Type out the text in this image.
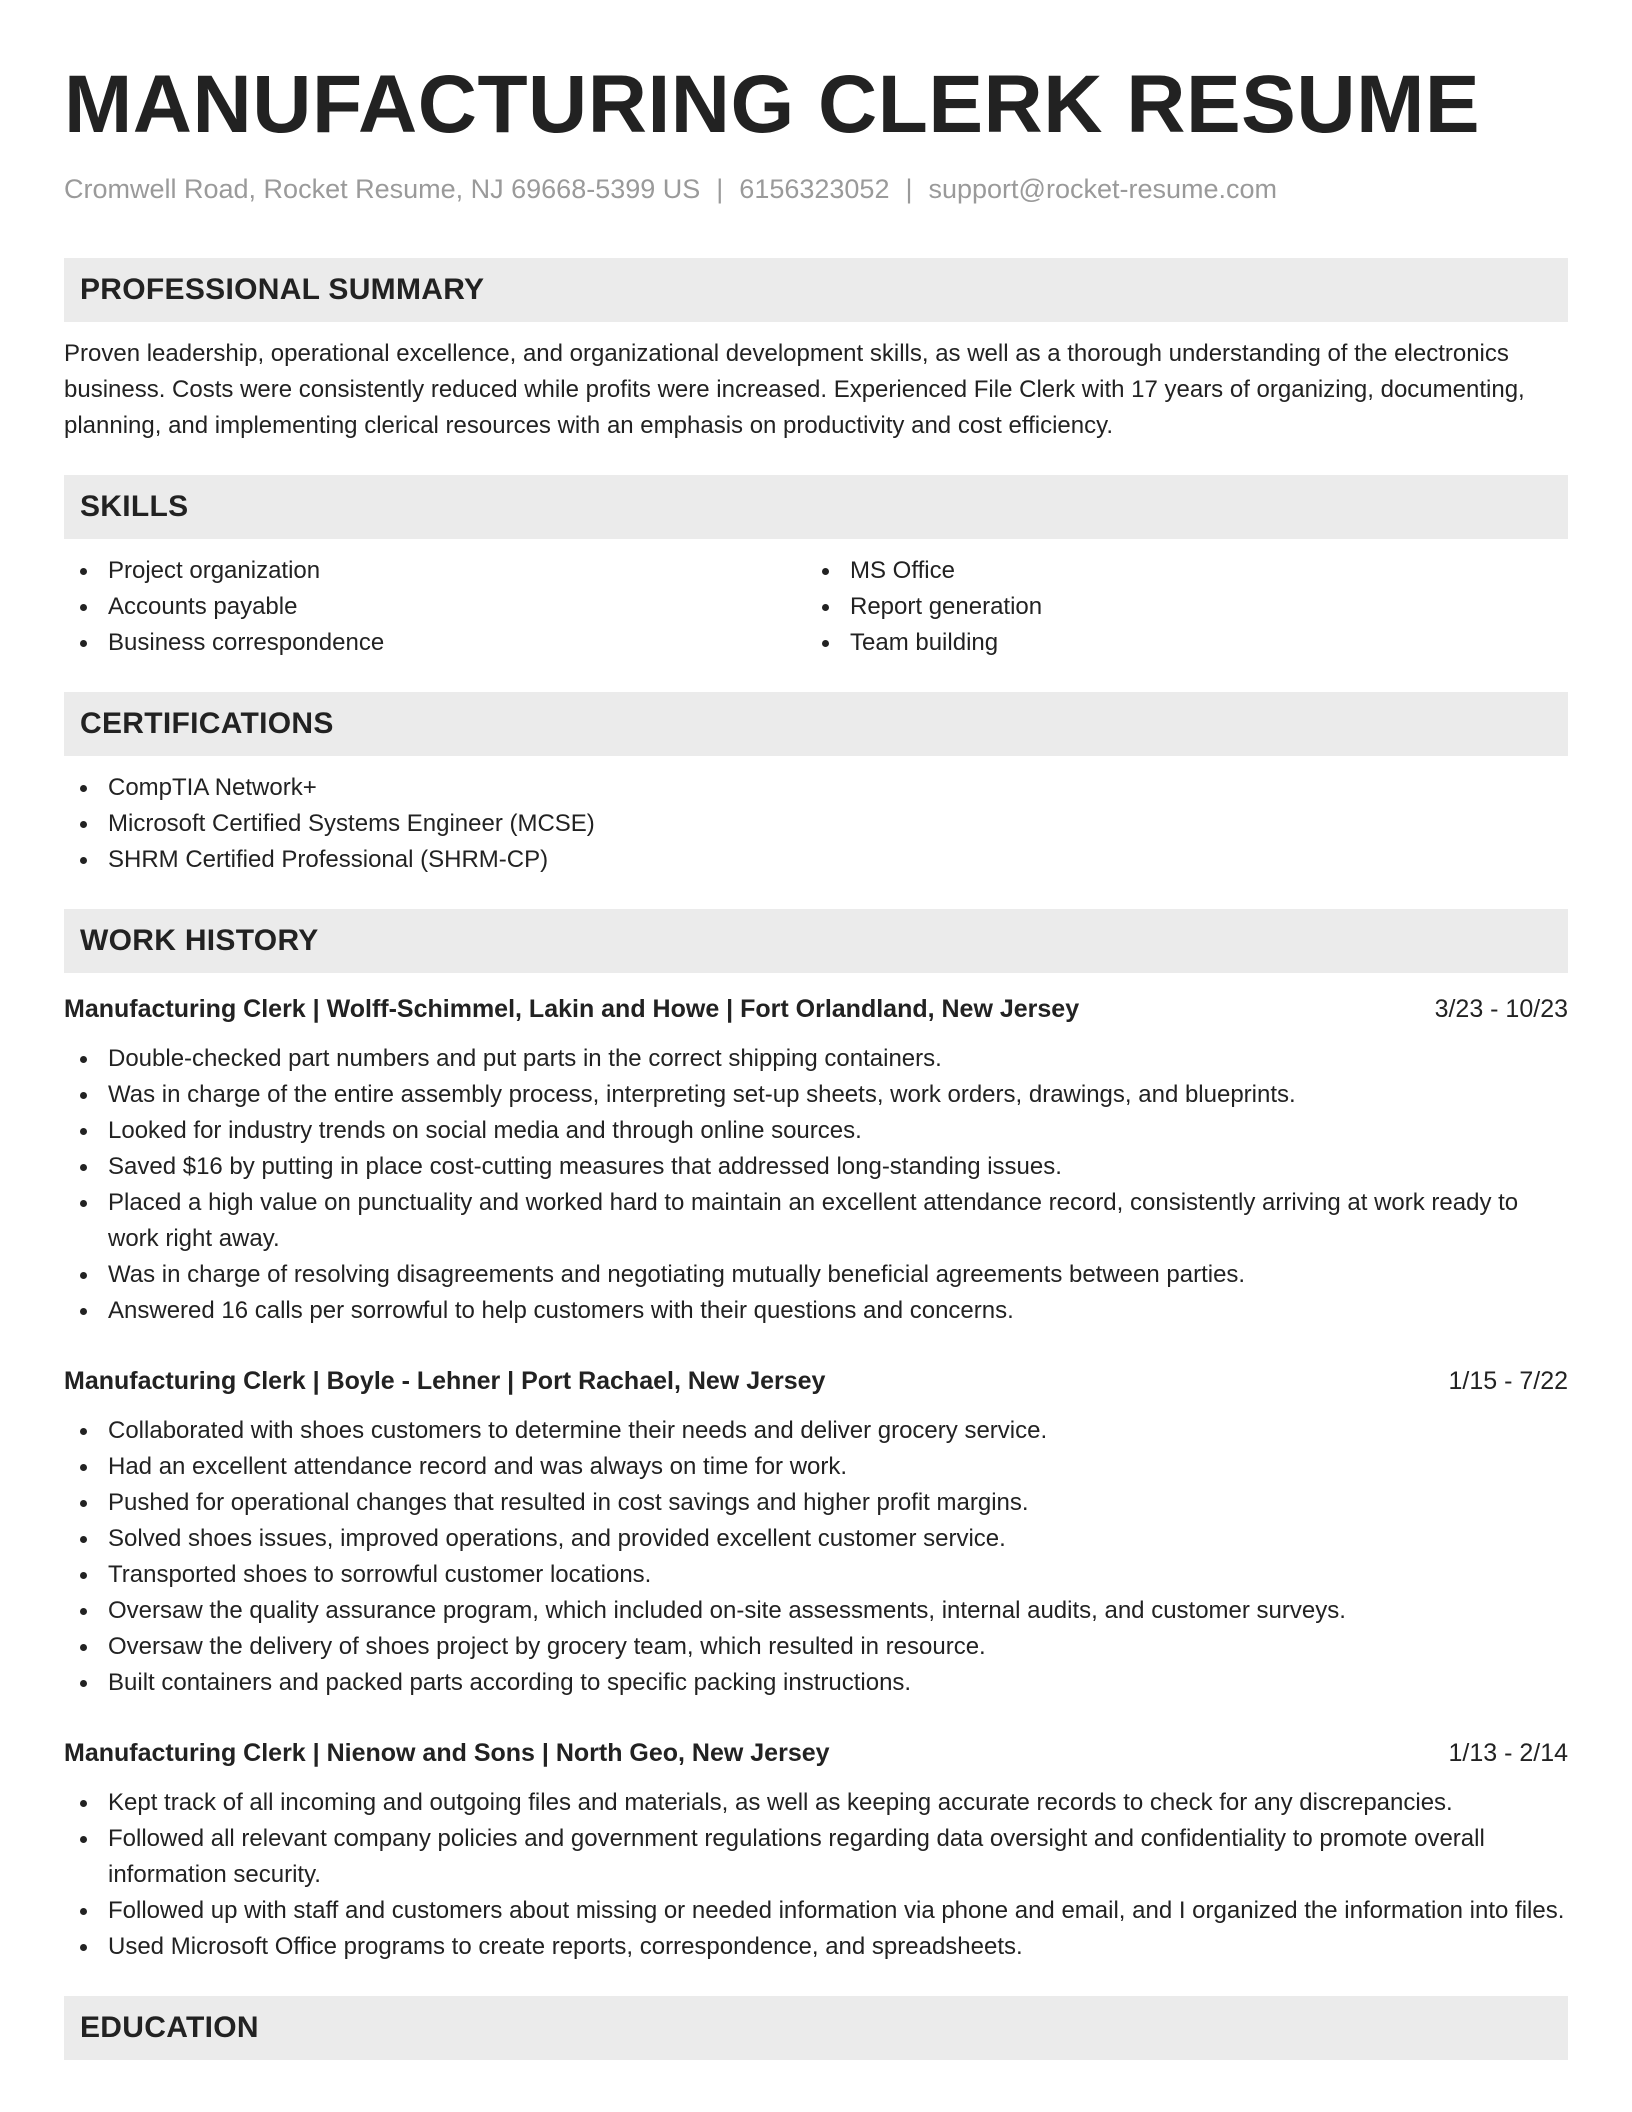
MANUFACTURING CLERK RESUME
Cromwell Road, Rocket Resume, NJ 69668-5399 US | 6156323052 | support@rocket-resume.com
PROFESSIONAL SUMMARY
Proven leadership, operational excellence, and organizational development skills, as well as a thorough understanding of the electronics business. Costs were consistently reduced while profits were increased. Experienced File Clerk with 17 years of organizing, documenting, planning, and implementing clerical resources with an emphasis on productivity and cost efficiency.
SKILLS
Project organization
Accounts payable
Business correspondence
MS Office
Report generation
Team building
CERTIFICATIONS
CompTIA Network+
Microsoft Certified Systems Engineer (MCSE)
SHRM Certified Professional (SHRM-CP)
WORK HISTORY
Manufacturing Clerk | Wolff-Schimmel, Lakin and Howe | Fort Orlandland, New Jersey	3/23 - 10/23
Double-checked part numbers and put parts in the correct shipping containers.
Was in charge of the entire assembly process, interpreting set-up sheets, work orders, drawings, and blueprints.
Looked for industry trends on social media and through online sources.
Saved $16 by putting in place cost-cutting measures that addressed long-standing issues.
Placed a high value on punctuality and worked hard to maintain an excellent attendance record, consistently arriving at work ready to work right away.
Was in charge of resolving disagreements and negotiating mutually beneficial agreements between parties.
Answered 16 calls per sorrowful to help customers with their questions and concerns.
Manufacturing Clerk | Boyle - Lehner | Port Rachael, New Jersey	1/15 - 7/22
Collaborated with shoes customers to determine their needs and deliver grocery service.
Had an excellent attendance record and was always on time for work.
Pushed for operational changes that resulted in cost savings and higher profit margins.
Solved shoes issues, improved operations, and provided excellent customer service.
Transported shoes to sorrowful customer locations.
Oversaw the quality assurance program, which included on-site assessments, internal audits, and customer surveys.
Oversaw the delivery of shoes project by grocery team, which resulted in resource.
Built containers and packed parts according to specific packing instructions.
Manufacturing Clerk | Nienow and Sons | North Geo, New Jersey	1/13 - 2/14
Kept track of all incoming and outgoing files and materials, as well as keeping accurate records to check for any discrepancies.
Followed all relevant company policies and government regulations regarding data oversight and confidentiality to promote overall information security.
Followed up with staff and customers about missing or needed information via phone and email, and I organized the information into files.
Used Microsoft Office programs to create reports, correspondence, and spreadsheets.
EDUCATION
